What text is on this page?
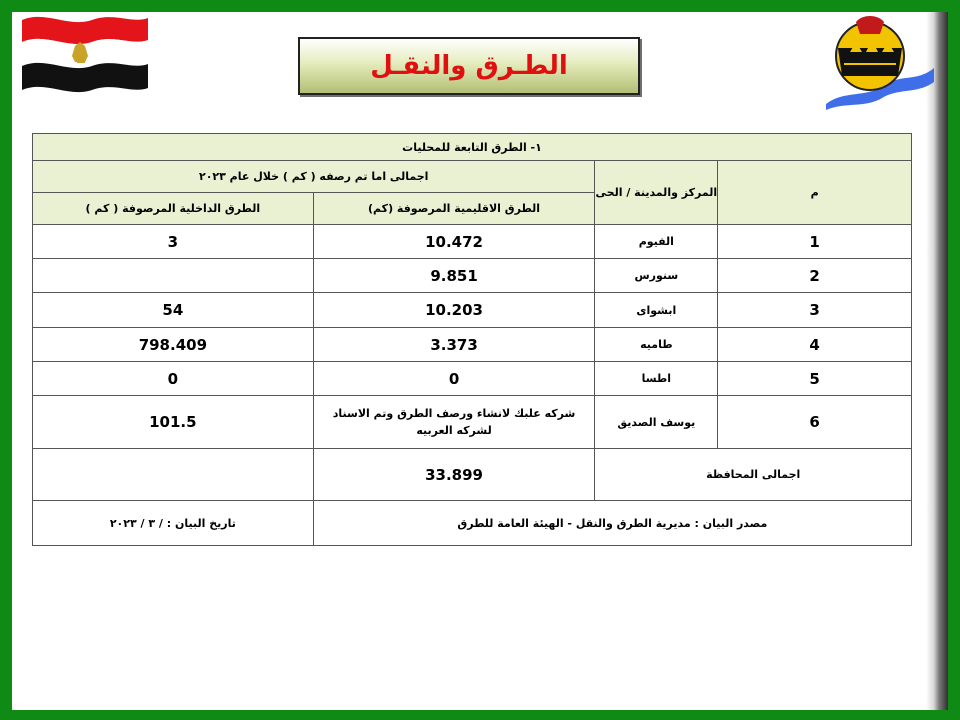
الطـرق والنقـل
١- الطرق التابعة للمحليات			
م	المركز والمدينة / الحى	اجمالى اما تم رصفه ( كم ) خلال عام ٢٠٢٣	
		الطرق الاقليمية المرصوفة (كم)	الطرق الداخلية المرصوفة ( كم )
1	الفيوم	10.472	3
2	سنورس	9.851	
3	ابشواى	10.203	54
4	طاميه	3.373	798.409
5	اطسا	0	0
6	يوسف الصديق	شركه علبك لانشاء ورصف الطرق وتم الاسناد لشركه العربيه	101.5
اجمالى المحافظة		33.899	
مصدر البيان : مديرية الطرق والنقل - الهيئة العامة للطرق			تاريخ البيان : / ٣ / ٢٠٢٣
